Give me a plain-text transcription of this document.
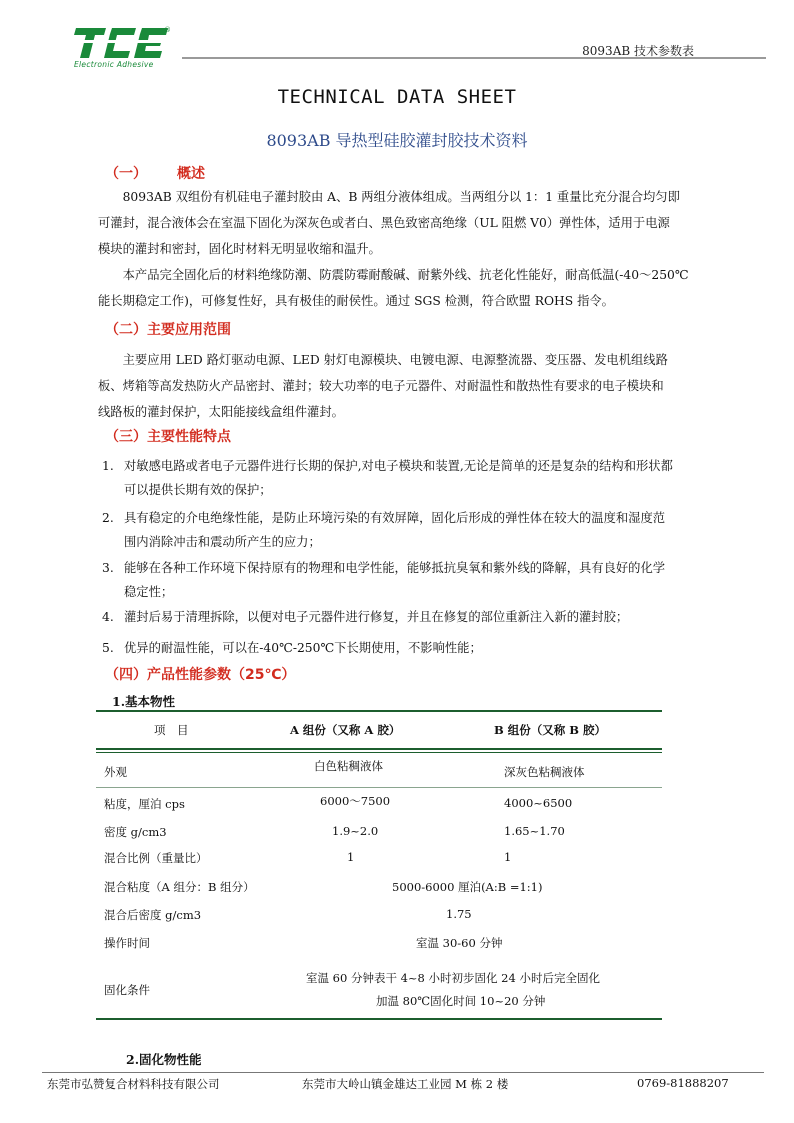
®
Electronic Adhesive
8093AB 技术参数表
TECHNICAL DATA SHEET
8093AB 导热型硅胶灌封胶技术资料
（一） 概述

8093AB 双组份有机硅电子灌封胶由 A、B 两组分液体组成。当两组分以 1：1 重量比充分混合均匀即

可灌封，混合液体会在室温下固化为深灰色或者白、黑色致密高绝缘（UL 阻燃 V0）弹性体，适用于电源

模块的灌封和密封，固化时材料无明显收缩和温升。

本产品完全固化后的材料绝缘防潮、防震防霉耐酸碱、耐紫外线、抗老化性能好，耐高低温(-40～250℃

能长期稳定工作)，可修复性好，具有极佳的耐侯性。通过 SGS 检测，符合欧盟 ROHS 指令。

（二）主要应用范围

主要应用 LED 路灯驱动电源、LED 射灯电源模块、电镀电源、电源整流器、变压器、发电机组线路

板、烤箱等高发热防火产品密封、灌封；较大功率的电子元器件、对耐温性和散热性有要求的电子模块和

线路板的灌封保护，太阳能接线盒组件灌封。

（三）主要性能特点
1. 对敏感电路或者电子元器件进行长期的保护,对电子模块和装置,无论是简单的还是复杂的结构和形状都
可以提供长期有效的保护；
2. 具有稳定的介电绝缘性能，是防止环境污染的有效屏障，固化后形成的弹性体在较大的温度和湿度范
围内消除冲击和震动所产生的应力；
3. 能够在各种工作环境下保持原有的物理和电学性能，能够抵抗臭氧和紫外线的降解，具有良好的化学
稳定性；
4. 灌封后易于清理拆除，以便对电子元器件进行修复，并且在修复的部位重新注入新的灌封胶；
5. 优异的耐温性能，可以在-40℃-250℃下长期使用，不影响性能；
（四）产品性能参数（25℃）
1.基本物性
项　目	A 组份（又称 A 胶）	B 组份（又称 B 胶）
外观	白色粘稠液体	深灰色粘稠液体
粘度，厘泊 cps	6000～7500	4000~6500
密度 g/cm3	1.9~2.0	1.65~1.70
混合比例（重量比）	1	1
混合粘度（A 组分：B 组分）	5000-6000 厘泊(A:B =1:1)
混合后密度 g/cm3	1.75
操作时间	室温 30-60 分钟
固化条件
室温 60 分钟表干 4~8 小时初步固化 24 小时后完全固化
加温 80℃固化时间 10~20 分钟
2.固化物性能
东莞市弘赞复合材料科技有限公司	东莞市大岭山镇金雄达工业园 M 栋 2 楼	0769-81888207
